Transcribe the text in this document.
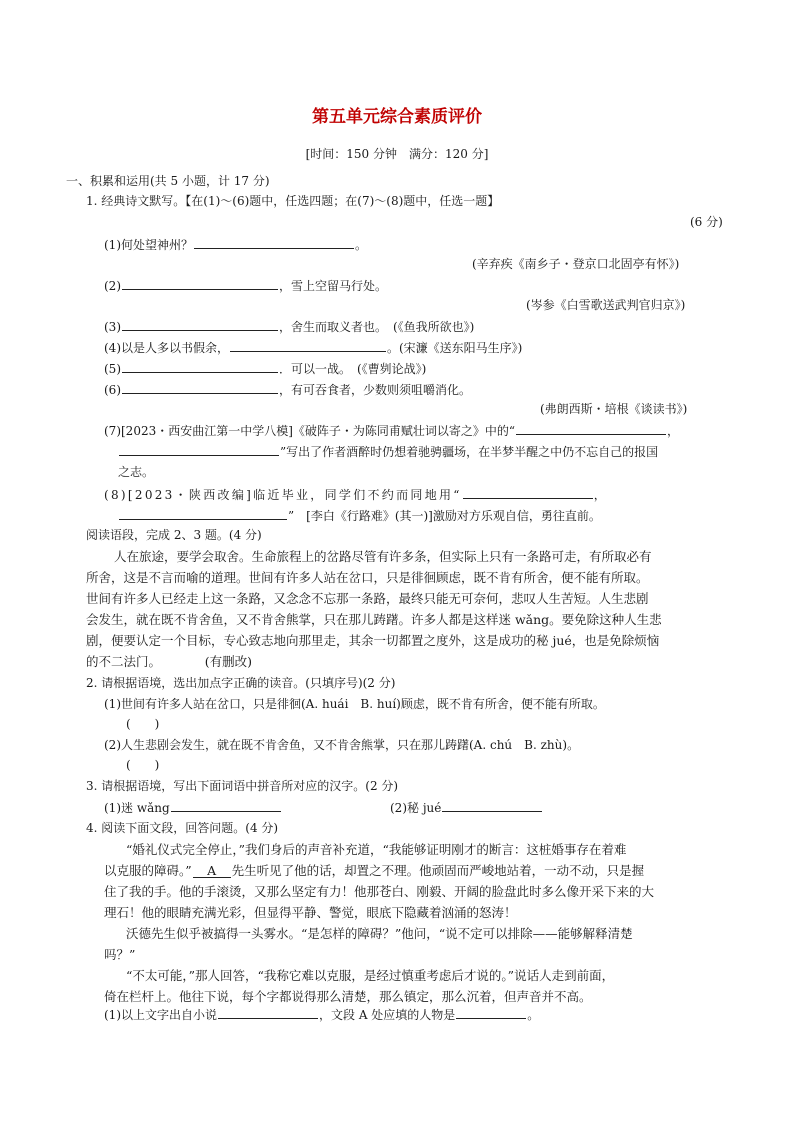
第五单元综合素质评价
[时间：150 分钟　满分：120 分]
一、积累和运用(共 5 小题，计 17 分)
1. 经典诗文默写。【在(1)～(6)题中，任选四题；在(7)～(8)题中，任选一题】
(6 分)
(1)何处望神州？	。
(辛弃疾《南乡子・登京口北固亭有怀》)
(2)	，雪上空留马行处。
(岑参《白雪歌送武判官归京》)
(3)	，舍生而取义者也。　(《鱼我所欲也》)
(4)以是人多以书假余，	。(宋濂《送东阳马生序》)
(5)	．可以一战。　(《曹刿论战》)
(6)	，有可吞食者，少数则须咀嚼消化。
(弗朗西斯・培根《谈读书》)
(7)[2023・西安曲江第一中学八模]《破阵子・为陈同甫赋壮词以寄之》中的“	，
”写出了作者酒醉时仍想着驰骋疆场，在半梦半醒之中仍不忘自己的报国
之志。
(8)[2023・陕西改编]临近毕业，同学们不约而同地用“	，
”　[李白《行路难》(其一)]激励对方乐观自信，勇往直前。
阅读语段，完成 2、3 题。(4 分)

人在旅途，要学会取舍。生命旅程上的岔路尽管有许多条，但实际上只有一条路可走，有所取必有

所舍，这是不言而喻的道理。世间有许多人站在岔口，只是徘徊顾虑，既不肯有所舍，便不能有所取。

世间有许多人已经走上这一条路，又念念不忘那一条路，最终只能无可奈何，悲叹人生苦短。人生悲剧

会发生，就在既不肯舍鱼，又不肯舍熊掌，只在那儿踌躇。许多人都是这样迷 wǎng。要免除这种人生悲

剧，便要认定一个目标，专心致志地向那里走，其余一切都置之度外，这是成功的秘 jué，也是免除烦恼

的不二法门。　　　　(有删改)

2. 请根据语境，选出加点字正确的读音。(只填序号)(2 分)
(1)世间有许多人站在岔口，只是徘徊(A. huái　B. huí)顾虑，既不肯有所舍，便不能有所取。
(　　)
(2)人生悲剧会发生，就在既不肯舍鱼，又不肯舍熊掌，只在那儿踌躇(A. chú　B. zhù)。
(　　)
3. 请根据语境，写出下面词语中拼音所对应的汉字。(2 分)
(1)迷 wǎng	(2)秘 jué
4. 阅读下面文段，回答问题。(4 分)

“婚礼仪式完全停止，”我们身后的声音补充道，“我能够证明刚才的断言：这桩婚事存在着难

以克服的障碍。” A 先生听见了他的话，却置之不理。他顽固而严峻地站着，一动不动，只是握

住了我的手。他的手滚烫，又那么坚定有力！他那苍白、刚毅、开阔的脸盘此时多么像开采下来的大

理石！他的眼睛充满光彩，但显得平静、警觉，眼底下隐藏着汹涌的怒涛！

沃德先生似乎被搞得一头雾水。“是怎样的障碍？”他问，“说不定可以排除——能够解释清楚

吗？”

“不太可能，”那人回答，“我称它难以克服，是经过慎重考虑后才说的。”说话人走到前面，

倚在栏杆上。他往下说，每个字都说得那么清楚，那么镇定，那么沉着，但声音并不高。

(1)以上文字出自小说	，文段 A 处应填的人物是	。
